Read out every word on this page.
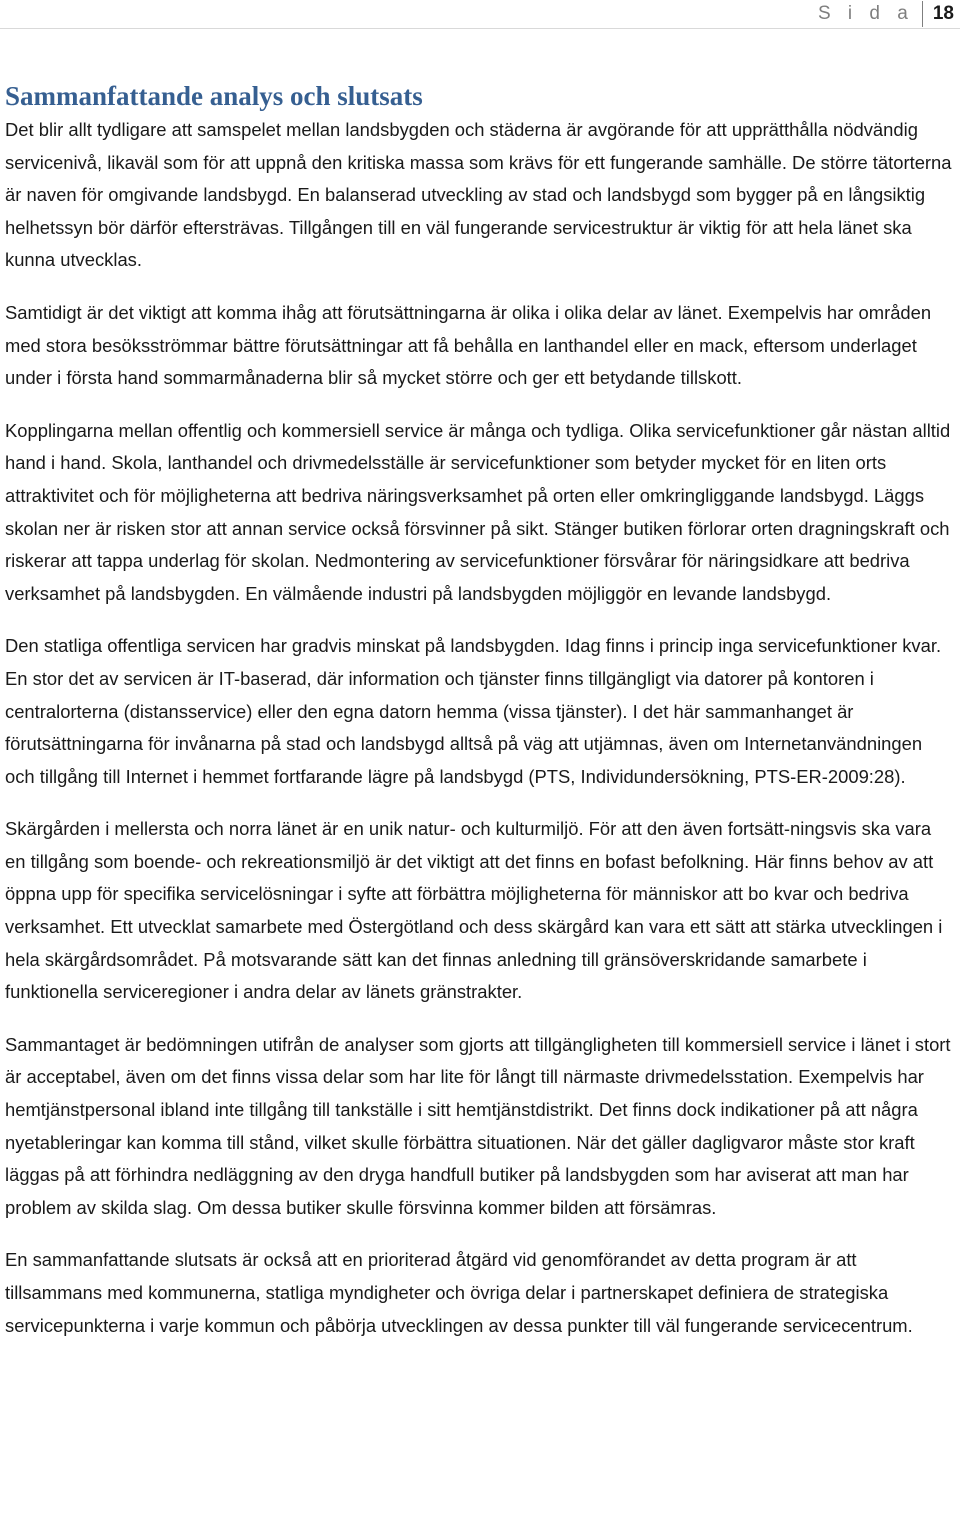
S i d a	18
Sammanfattande analys och slutsats

Det blir allt tydligare att samspelet mellan landsbygden och städerna är avgörande för att upprätthålla nödvändig servicenivå, likaväl som för att uppnå den kritiska massa som krävs för ett fungerande samhälle. De större tätorterna är naven för omgivande landsbygd. En balanserad utveckling av stad och landsbygd som bygger på en långsiktig helhetssyn bör därför eftersträvas. Tillgången till en väl fungerande servicestruktur är viktig för att hela länet ska kunna utvecklas.

Samtidigt är det viktigt att komma ihåg att förutsättningarna är olika i olika delar av länet. Exempelvis har områden med stora besöksströmmar bättre förutsättningar att få behålla en lanthandel eller en mack, eftersom underlaget under i första hand sommarmånaderna blir så mycket större och ger ett betydande tillskott.

Kopplingarna mellan offentlig och kommersiell service är många och tydliga. Olika servicefunktioner går nästan alltid hand i hand. Skola, lanthandel och drivmedelsställe är servicefunktioner som betyder mycket för en liten orts attraktivitet och för möjligheterna att bedriva näringsverksamhet på orten eller omkringliggande landsbygd. Läggs skolan ner är risken stor att annan service också försvinner på sikt. Stänger butiken förlorar orten dragningskraft och riskerar att tappa underlag för skolan. Nedmontering av servicefunktioner försvårar för näringsidkare att bedriva verksamhet på landsbygden. En välmående industri på landsbygden möjliggör en levande landsbygd.

Den statliga offentliga servicen har gradvis minskat på landsbygden. Idag finns i princip inga servicefunktioner kvar. En stor det av servicen är IT-baserad, där information och tjänster finns tillgängligt via datorer på kontoren i centralorterna (distansservice) eller den egna datorn hemma (vissa tjänster). I det här sammanhanget är förutsättningarna för invånarna på stad och landsbygd alltså på väg att utjämnas, även om Internetanvändningen och tillgång till Internet i hemmet fortfarande lägre på landsbygd (PTS, Individundersökning, PTS-ER-2009:28).

Skärgården i mellersta och norra länet är en unik natur- och kulturmiljö. För att den även fortsätt-ningsvis ska vara en tillgång som boende- och rekreationsmiljö är det viktigt att det finns en bofast befolkning. Här finns behov av att öppna upp för specifika servicelösningar i syfte att förbättra möjligheterna för människor att bo kvar och bedriva verksamhet. Ett utvecklat samarbete med Östergötland och dess skärgård kan vara ett sätt att stärka utvecklingen i hela skärgårdsområdet. På motsvarande sätt kan det finnas anledning till gränsöverskridande samarbete i funktionella serviceregioner i andra delar av länets gränstrakter.

Sammantaget är bedömningen utifrån de analyser som gjorts att tillgängligheten till kommersiell service i länet i stort är acceptabel, även om det finns vissa delar som har lite för långt till närmaste drivmedelsstation. Exempelvis har hemtjänstpersonal ibland inte tillgång till tankställe i sitt hemtjänstdistrikt. Det finns dock indikationer på att några nyetableringar kan komma till stånd, vilket skulle förbättra situationen. När det gäller dagligvaror måste stor kraft läggas på att förhindra nedläggning av den dryga handfull butiker på landsbygden som har aviserat att man har problem av skilda slag. Om dessa butiker skulle försvinna kommer bilden att försämras.

En sammanfattande slutsats är också att en prioriterad åtgärd vid genomförandet av detta program är att tillsammans med kommunerna, statliga myndigheter och övriga delar i partnerskapet definiera de strategiska servicepunkterna i varje kommun och påbörja utvecklingen av dessa punkter till väl fungerande servicecentrum.
